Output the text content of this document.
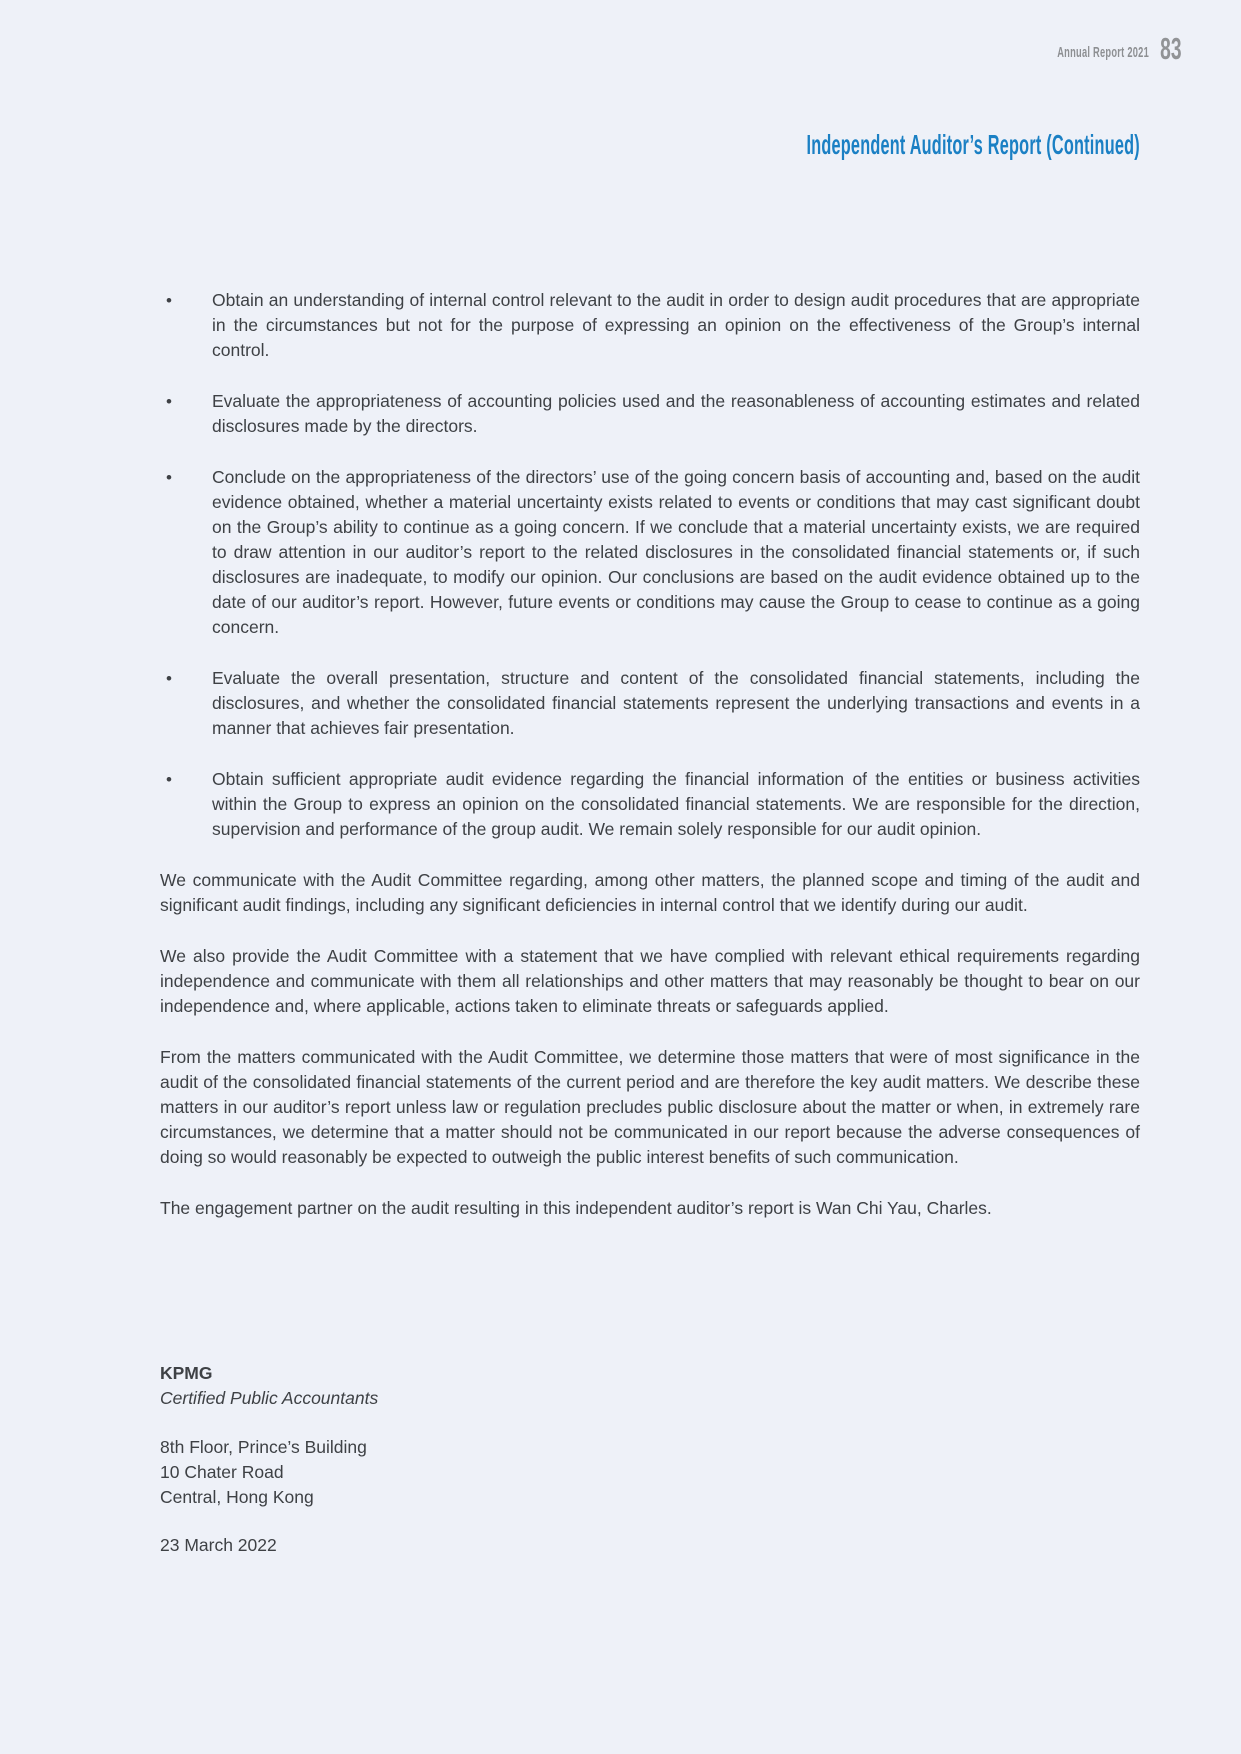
Annual Report 2021 83
Independent Auditor’s Report (Continued)
• Obtain an understanding of internal control relevant to the audit in order to design audit procedures that are appropriate in the circumstances but not for the purpose of expressing an opinion on the effectiveness of the Group’s internal control.
• Evaluate the appropriateness of accounting policies used and the reasonableness of accounting estimates and related disclosures made by the directors.
• Conclude on the appropriateness of the directors’ use of the going concern basis of accounting and, based on the audit evidence obtained, whether a material uncertainty exists related to events or conditions that may cast significant doubt on the Group’s ability to continue as a going concern. If we conclude that a material uncertainty exists, we are required to draw attention in our auditor’s report to the related disclosures in the consolidated financial statements or, if such disclosures are inadequate, to modify our opinion. Our conclusions are based on the audit evidence obtained up to the date of our auditor’s report. However, future events or conditions may cause the Group to cease to continue as a going concern.
• Evaluate the overall presentation, structure and content of the consolidated financial statements, including the disclosures, and whether the consolidated financial statements represent the underlying transactions and events in a manner that achieves fair presentation.
• Obtain sufficient appropriate audit evidence regarding the financial information of the entities or business activities within the Group to express an opinion on the consolidated financial statements. We are responsible for the direction, supervision and performance of the group audit. We remain solely responsible for our audit opinion.

We communicate with the Audit Committee regarding, among other matters, the planned scope and timing of the audit and significant audit findings, including any significant deficiencies in internal control that we identify during our audit.

We also provide the Audit Committee with a statement that we have complied with relevant ethical requirements regarding independence and communicate with them all relationships and other matters that may reasonably be thought to bear on our independence and, where applicable, actions taken to eliminate threats or safeguards applied.

From the matters communicated with the Audit Committee, we determine those matters that were of most significance in the audit of the consolidated financial statements of the current period and are therefore the key audit matters. We describe these matters in our auditor’s report unless law or regulation precludes public disclosure about the matter or when, in extremely rare circumstances, we determine that a matter should not be communicated in our report because the adverse consequences of doing so would reasonably be expected to outweigh the public interest benefits of such communication.

The engagement partner on the audit resulting in this independent auditor’s report is Wan Chi Yau, Charles.

KPMG
Certified Public Accountants
8th Floor, Prince’s Building
10 Chater Road
Central, Hong Kong
23 March 2022
